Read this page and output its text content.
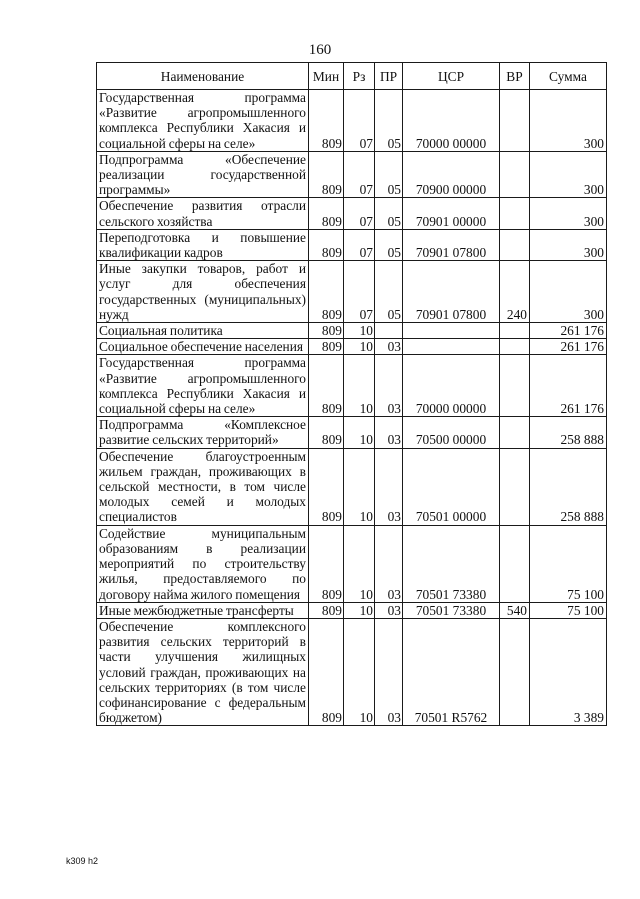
160
Наименование	Мин	Рз	ПР	ЦСР	ВР	Сумма
Государственная программа «Развитие агропромышленного комплекса Республики Хакасия и социальной сферы на селе»	809	07	05	70000 00000		300
Подпрограмма «Обеспечение реализации государственной программы»	809	07	05	70900 00000		300
Обеспечение развития отрасли сельского хозяйства	809	07	05	70901 00000		300
Переподготовка и повышение квалификации кадров	809	07	05	70901 07800		300
Иные закупки товаров, работ и услуг для обеспечения государственных (муниципальных) нужд	809	07	05	70901 07800	240	300
Социальная политика	809	10				261 176
Социальное обеспечение населения	809	10	03			261 176
Государственная программа «Развитие агропромышленного комплекса Республики Хакасия и социальной сферы на селе»	809	10	03	70000 00000		261 176
Подпрограмма «Комплексное развитие сельских территорий»	809	10	03	70500 00000		258 888
Обеспечение благоустроенным жильем граждан, проживающих в сельской местности, в том числе молодых семей и молодых специалистов	809	10	03	70501 00000		258 888
Содействие муниципальным образованиям в реализации мероприятий по строительству жилья, предоставляемого по договору найма жилого помещения	809	10	03	70501 73380		75 100
Иные межбюджетные трансферты	809	10	03	70501 73380	540	75 100
Обеспечение комплексного развития сельских территорий в части улучшения жилищных условий граждан, проживающих на сельских территориях (в том числе софинансирование с федеральным бюджетом)	809	10	03	70501 R5762		3 389
k309 h2
